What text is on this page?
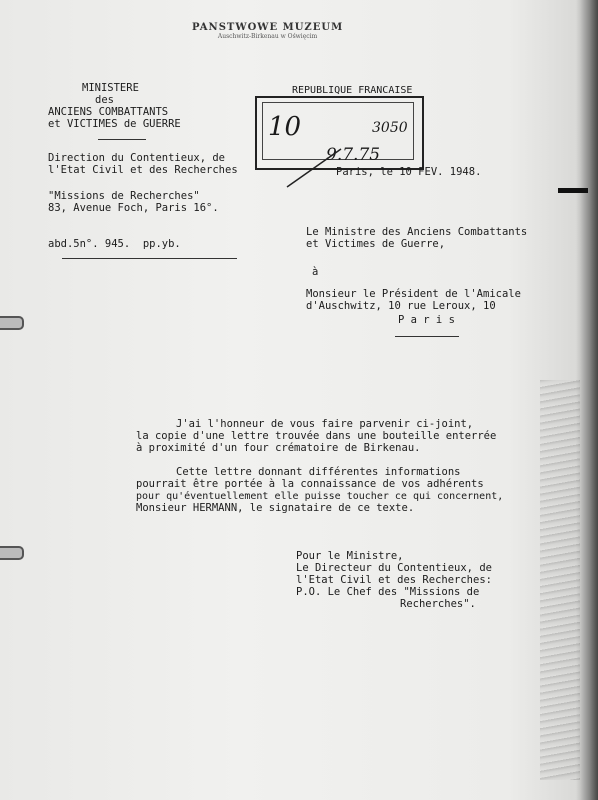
PANSTWOWE MUZEUM
Auschwitz-Birkenau w Oświęcim
MINISTERE
des
ANCIENS COMBATTANTS
et VICTIMES de GUERRE
REPUBLIQUE FRANCAISE
10	3050
9.7.75
Direction du Contentieux, de
l'Etat Civil et des Recherches	Paris, le 10 FEV. 1948.
"Missions de Recherches"
83, Avenue Foch, Paris 16°.
abd.5n°. 945.  pp.yb.
Le Ministre des Anciens Combattants
et Victimes de Guerre,
à
Monsieur le Président de l'Amicale
d'Auschwitz, 10 rue Leroux, 10
P a r i s
J'ai l'honneur de vous faire parvenir ci-joint,
la copie d'une lettre trouvée dans une bouteille enterrée
à proximité d'un four crématoire de Birkenau.
Cette lettre donnant différentes informations
pourrait être portée à la connaissance de vos adhérents
pour qu'éventuellement elle puisse toucher ce qui concernent,
Monsieur HERMANN, le signataire de ce texte.
Pour le Ministre,
Le Directeur du Contentieux, de
l'Etat Civil et des Recherches:
P.O. Le Chef des "Missions de
Recherches".
